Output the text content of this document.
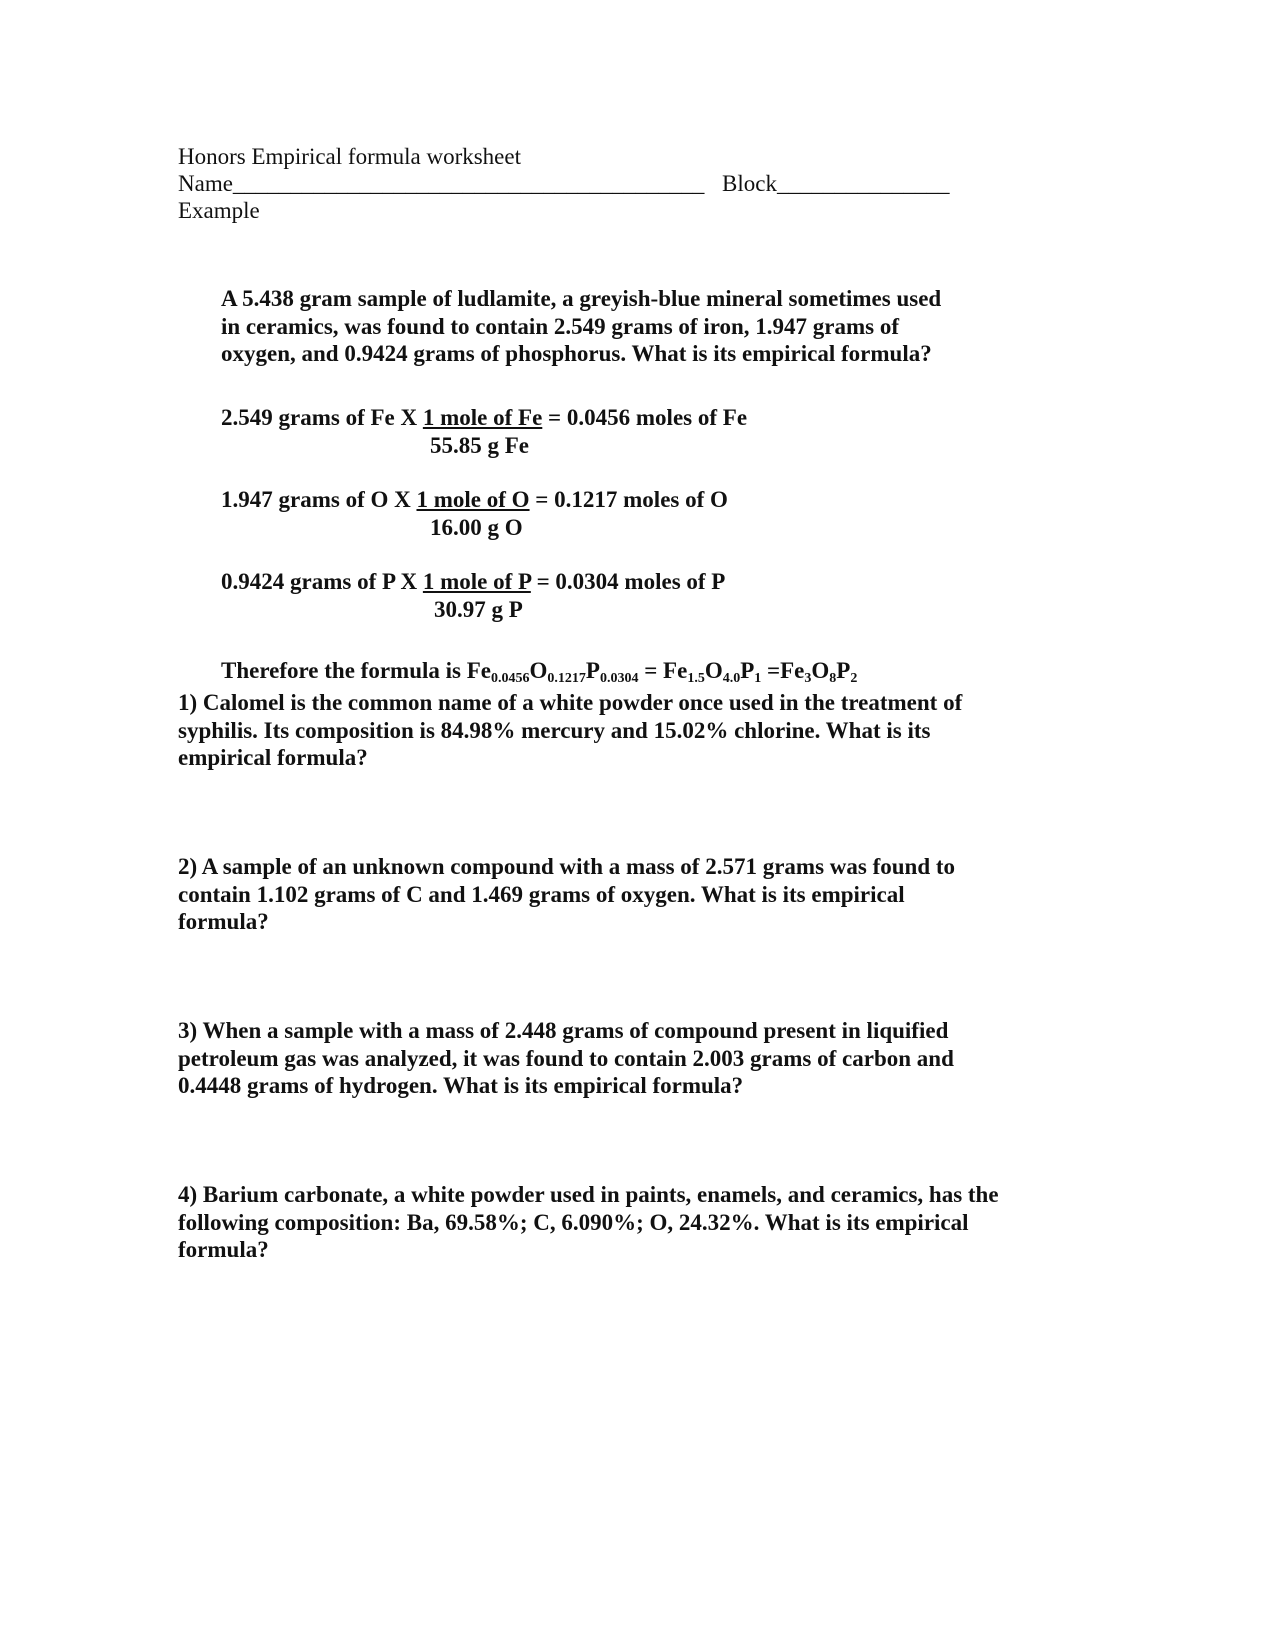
Honors Empirical formula worksheet
Name_________________________________________ Block_______________
Example
A 5.438 gram sample of ludlamite, a greyish-blue mineral sometimes used
in ceramics, was found to contain 2.549 grams of iron, 1.947 grams of
oxygen, and 0.9424 grams of phosphorus. What is its empirical formula?
2.549 grams of Fe X 1 mole of Fe = 0.0456 moles of Fe
55.85 g Fe
1.947 grams of O X 1 mole of O = 0.1217 moles of O
16.00 g O
0.9424 grams of P X 1 mole of P = 0.0304 moles of P
30.97 g P
Therefore the formula is $Fe_{0.0456}O_{0.1217}P_{0.0304} = Fe_{1.5}O_{4.0}P_1 =Fe_3O_8P_2$
1) Calomel is the common name of a white powder once used in the treatment of
syphilis. Its composition is 84.98% mercury and 15.02% chlorine. What is its
empirical formula?
2) A sample of an unknown compound with a mass of 2.571 grams was found to
contain 1.102 grams of C and 1.469 grams of oxygen. What is its empirical
formula?
3) When a sample with a mass of 2.448 grams of compound present in liquified
petroleum gas was analyzed, it was found to contain 2.003 grams of carbon and
0.4448 grams of hydrogen. What is its empirical formula?
4) Barium carbonate, a white powder used in paints, enamels, and ceramics, has the
following composition: Ba, 69.58%; C, 6.090%; O, 24.32%. What is its empirical
formula?
